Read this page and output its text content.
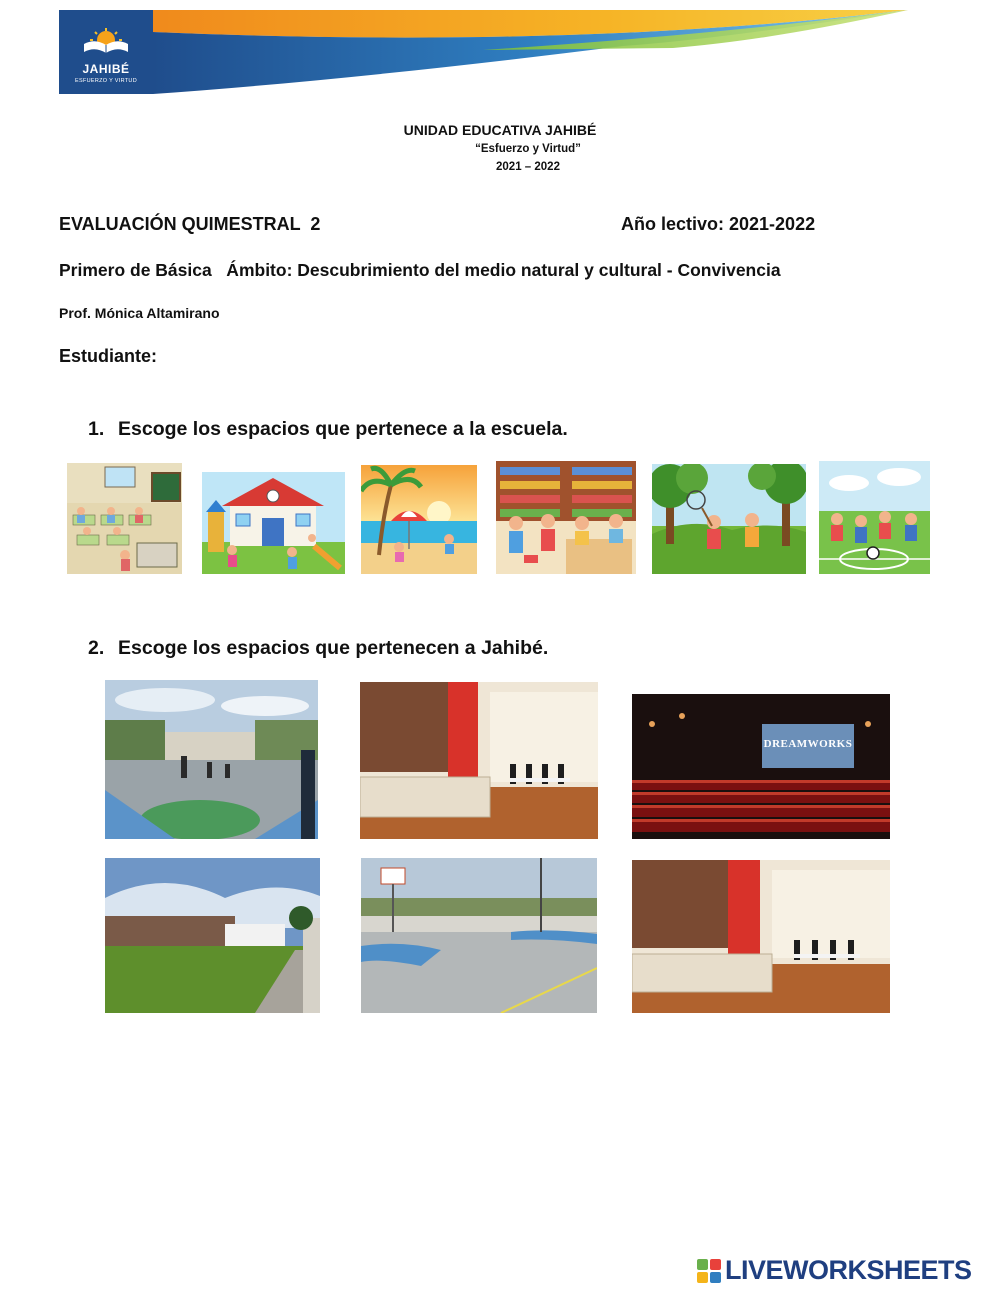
JAHIBÉ
ESFUERZO Y VIRTUD
UNIDAD EDUCATIVA JAHIBÉ
“Esfuerzo y Virtud”
2021 – 2022
EVALUACIÓN QUIMESTRAL  2	Año lectivo: 2021-2022
Primero de Básica   Ámbito: Descubrimiento del medio natural y cultural - Convivencia
Prof. Mónica Altamirano
Estudiante:
1. Escoge los espacios que pertenece a la escuela.
2. Escoge los espacios que pertenecen a Jahibé.
DREAMWORKS
LIVEWORKSHEETS
